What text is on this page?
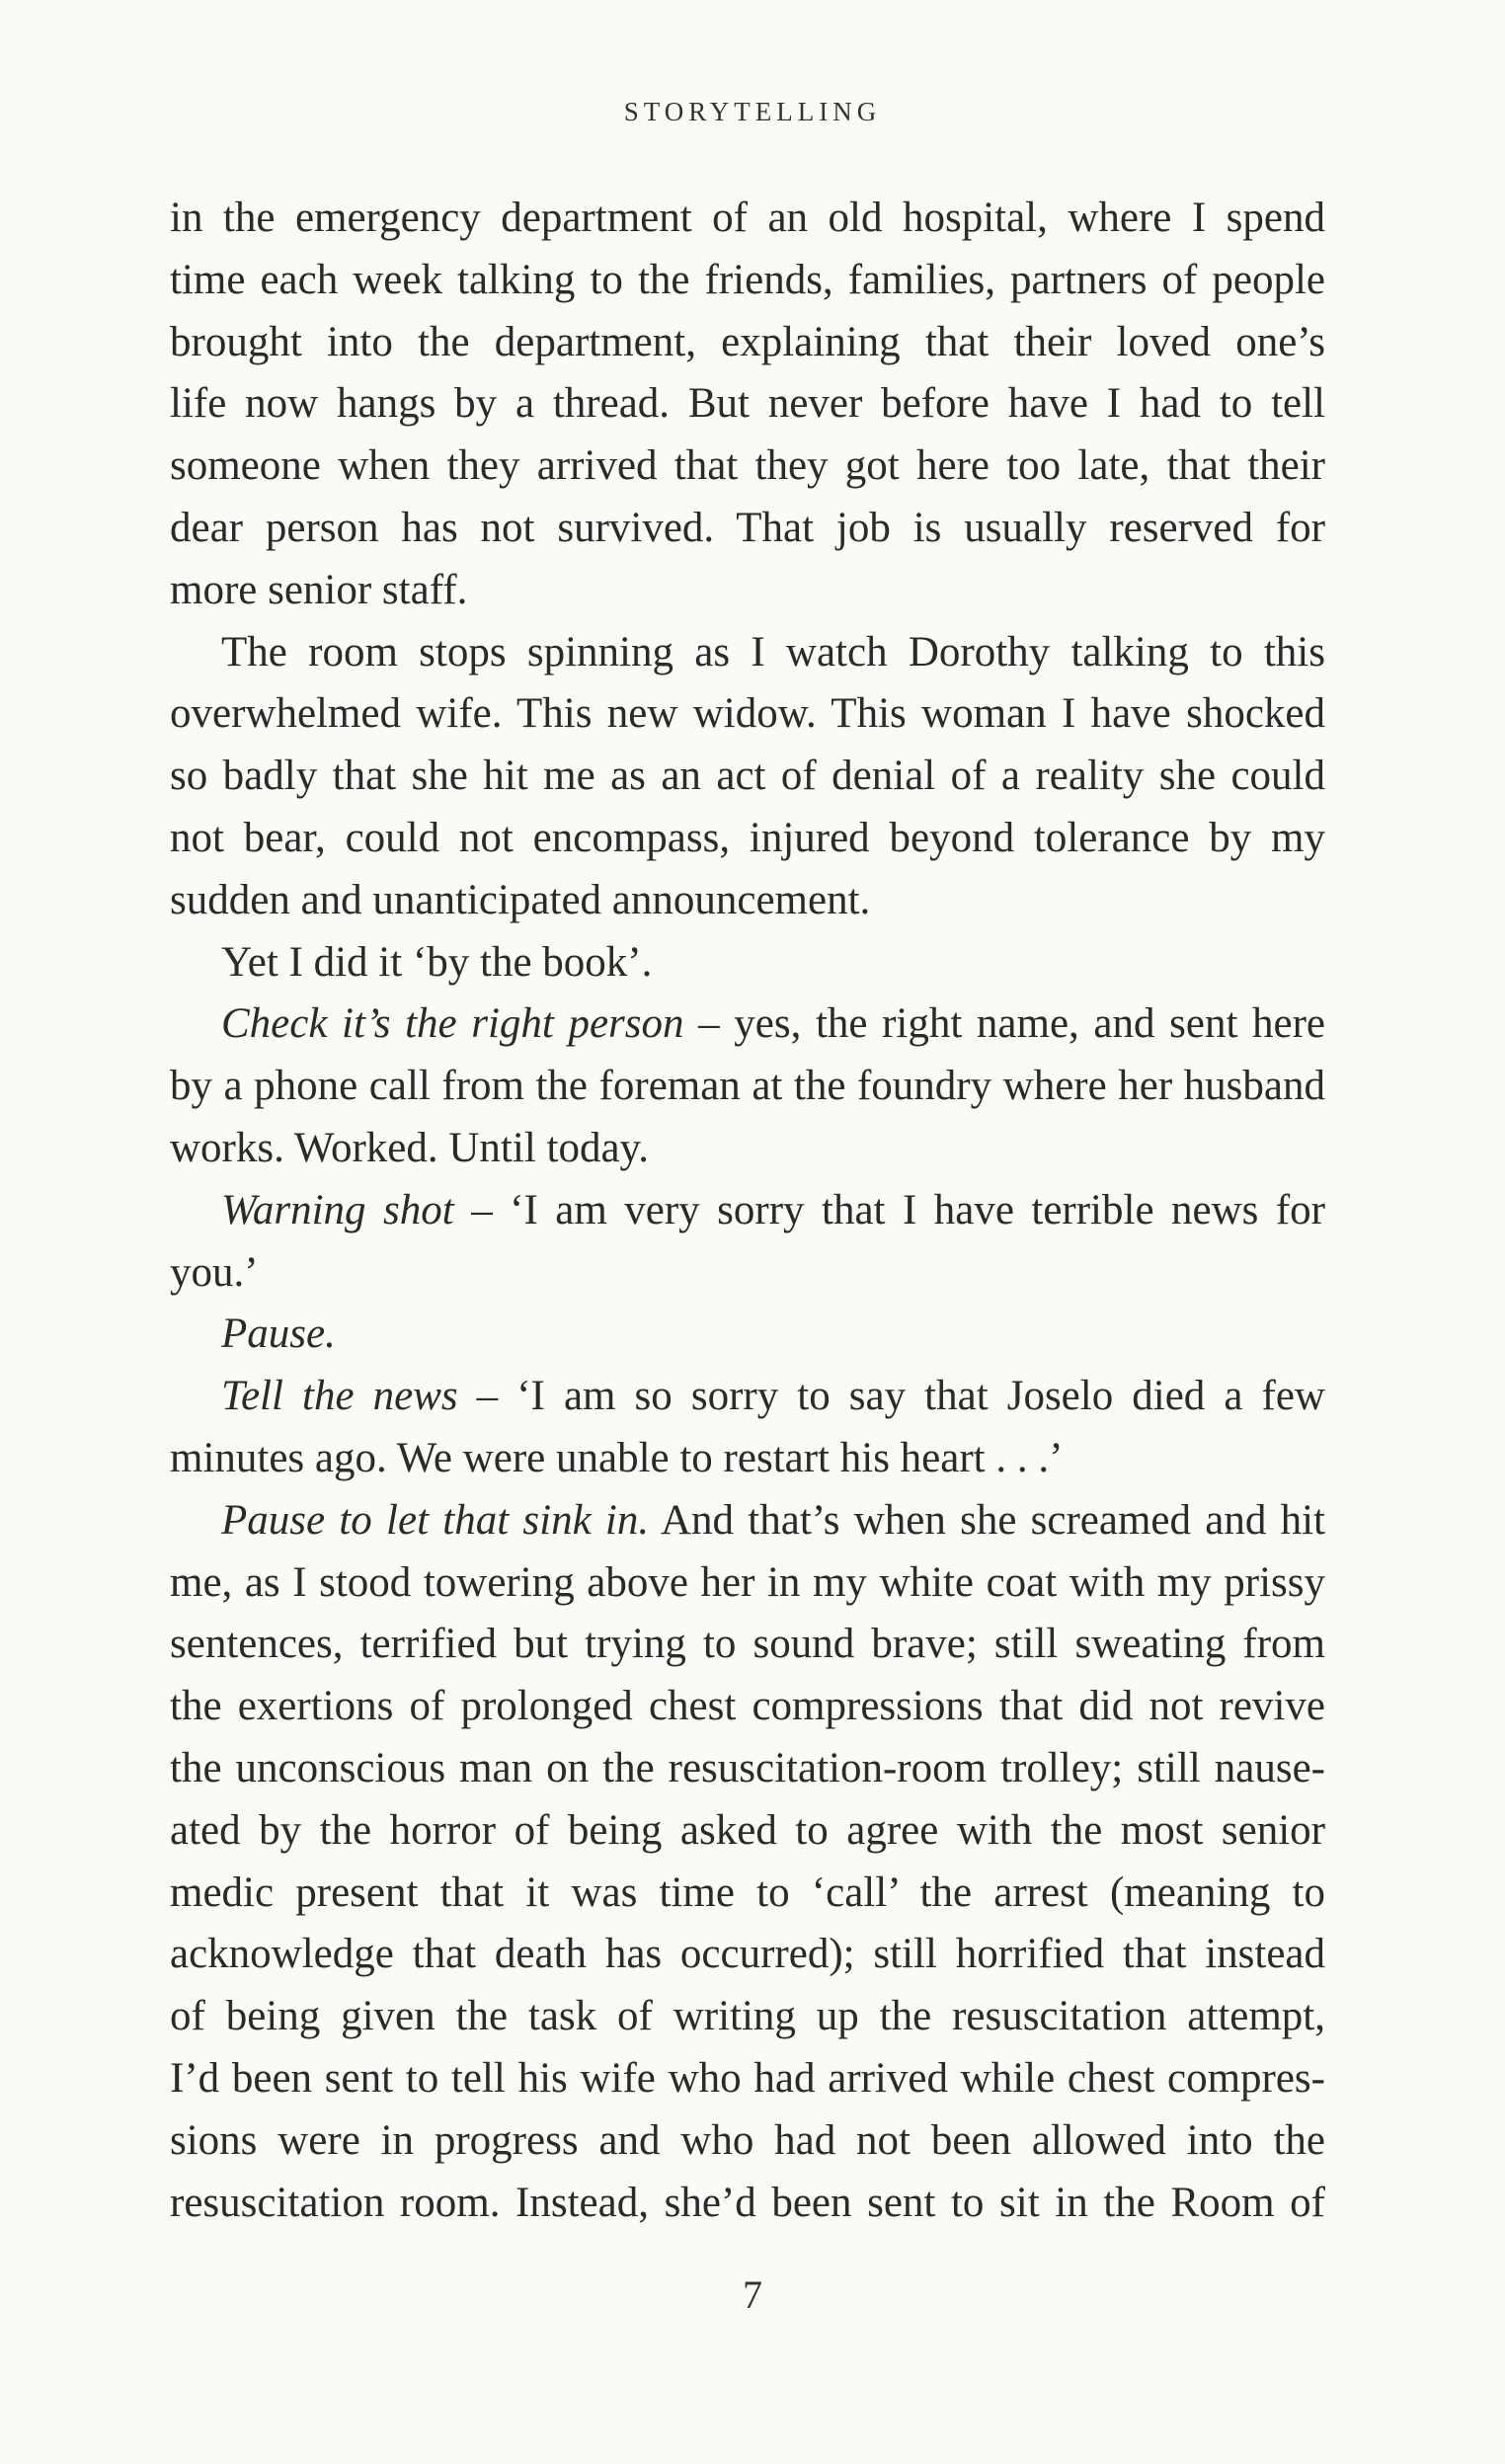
STORYTELLING

in the emergency department of an old hospital, where I spend

time each week talking to the friends, families, partners of people

brought into the department, explaining that their loved one’s

life now hangs by a thread. But never before have I had to tell

someone when they arrived that they got here too late, that their

dear person has not survived. That job is usually reserved for

more senior staff.

The room stops spinning as I watch Dorothy talking to this

overwhelmed wife. This new widow. This woman I have shocked

so badly that she hit me as an act of denial of a reality she could

not bear, could not encompass, injured beyond tolerance by my

sudden and unanticipated announcement.

Yet I did it ‘by the book’.

Check it’s the right person – yes, the right name, and sent here

by a phone call from the foreman at the foundry where her husband

works. Worked. Until today.

Warning shot – ‘I am very sorry that I have terrible news for

you.’

Pause.

Tell the news – ‘I am so sorry to say that Joselo died a few

minutes ago. We were unable to restart his heart . . .’

Pause to let that sink in. And that’s when she screamed and hit

me, as I stood towering above her in my white coat with my prissy

sentences, terrified but trying to sound brave; still sweating from

the exertions of prolonged chest compressions that did not revive

the unconscious man on the resuscitation-room trolley; still nause-

ated by the horror of being asked to agree with the most senior

medic present that it was time to ‘call’ the arrest (meaning to

acknowledge that death has occurred); still horrified that instead

of being given the task of writing up the resuscitation attempt,

I’d been sent to tell his wife who had arrived while chest compres-

sions were in progress and who had not been allowed into the

resuscitation room. Instead, she’d been sent to sit in the Room of

7
